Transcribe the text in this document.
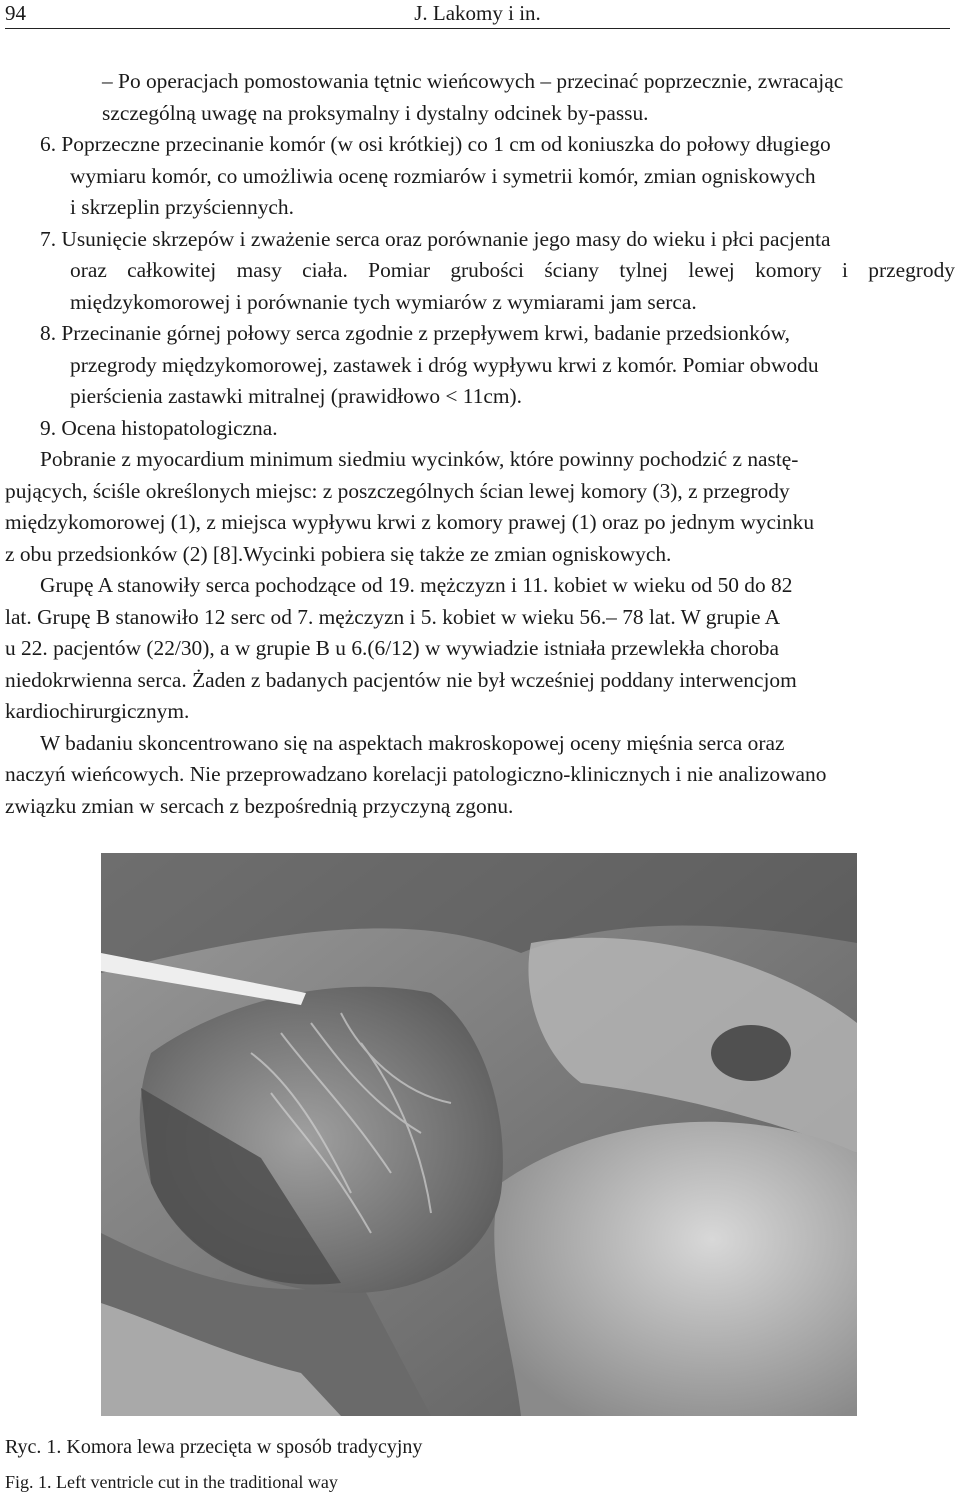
94	J. Lakomy i in.
– Po operacjach pomostowania tętnic wieńcowych – przecinać poprzecznie, zwracając
szczególną uwagę na proksymalny i dystalny odcinek by-passu.
6. Poprzeczne przecinanie komór (w osi krótkiej) co 1 cm od koniuszka do połowy długiego
wymiaru komór, co umożliwia ocenę rozmiarów i symetrii komór, zmian ogniskowych
i skrzeplin przyściennych.
7. Usunięcie skrzepów i zważenie serca oraz porównanie jego masy do wieku i płci pacjenta
oraz całkowitej masy ciała. Pomiar grubości ściany tylnej lewej komory i przegrody
międzykomorowej i porównanie tych wymiarów z wymiarami jam serca.
8. Przecinanie górnej połowy serca zgodnie z przepływem krwi, badanie przedsionków,
przegrody międzykomorowej, zastawek i dróg wypływu krwi z komór. Pomiar obwodu
pierścienia zastawki mitralnej (prawidłowo < 11cm).
9. Ocena histopatologiczna.
Pobranie z myocardium minimum siedmiu wycinków, które powinny pochodzić z nastę-
pujących, ściśle określonych miejsc: z poszczególnych ścian lewej komory (3), z przegrody
międzykomorowej (1), z miejsca wypływu krwi z komory prawej (1) oraz po jednym wycinku
z obu przedsionków (2) [8].Wycinki pobiera się także ze zmian ogniskowych.
Grupę A stanowiły serca pochodzące od 19. mężczyzn i 11. kobiet w wieku od 50 do 82
lat. Grupę B stanowiło 12 serc od 7. mężczyzn i 5. kobiet w wieku 56.– 78 lat. W grupie A
u 22. pacjentów (22/30), a w grupie B u 6.(6/12) w wywiadzie istniała przewlekła choroba
niedokrwienna serca. Żaden z badanych pacjentów nie był wcześniej poddany interwencjom
kardiochirurgicznym.
W badaniu skoncentrowano się na aspektach makroskopowej oceny mięśnia serca oraz
naczyń wieńcowych. Nie przeprowadzano korelacji patologiczno-klinicznych i nie analizowano
związku zmian w sercach z bezpośrednią przyczyną zgonu.
Ryc. 1. Komora lewa przecięta w sposób tradycyjny
Fig. 1. Left ventricle cut in the traditional way
